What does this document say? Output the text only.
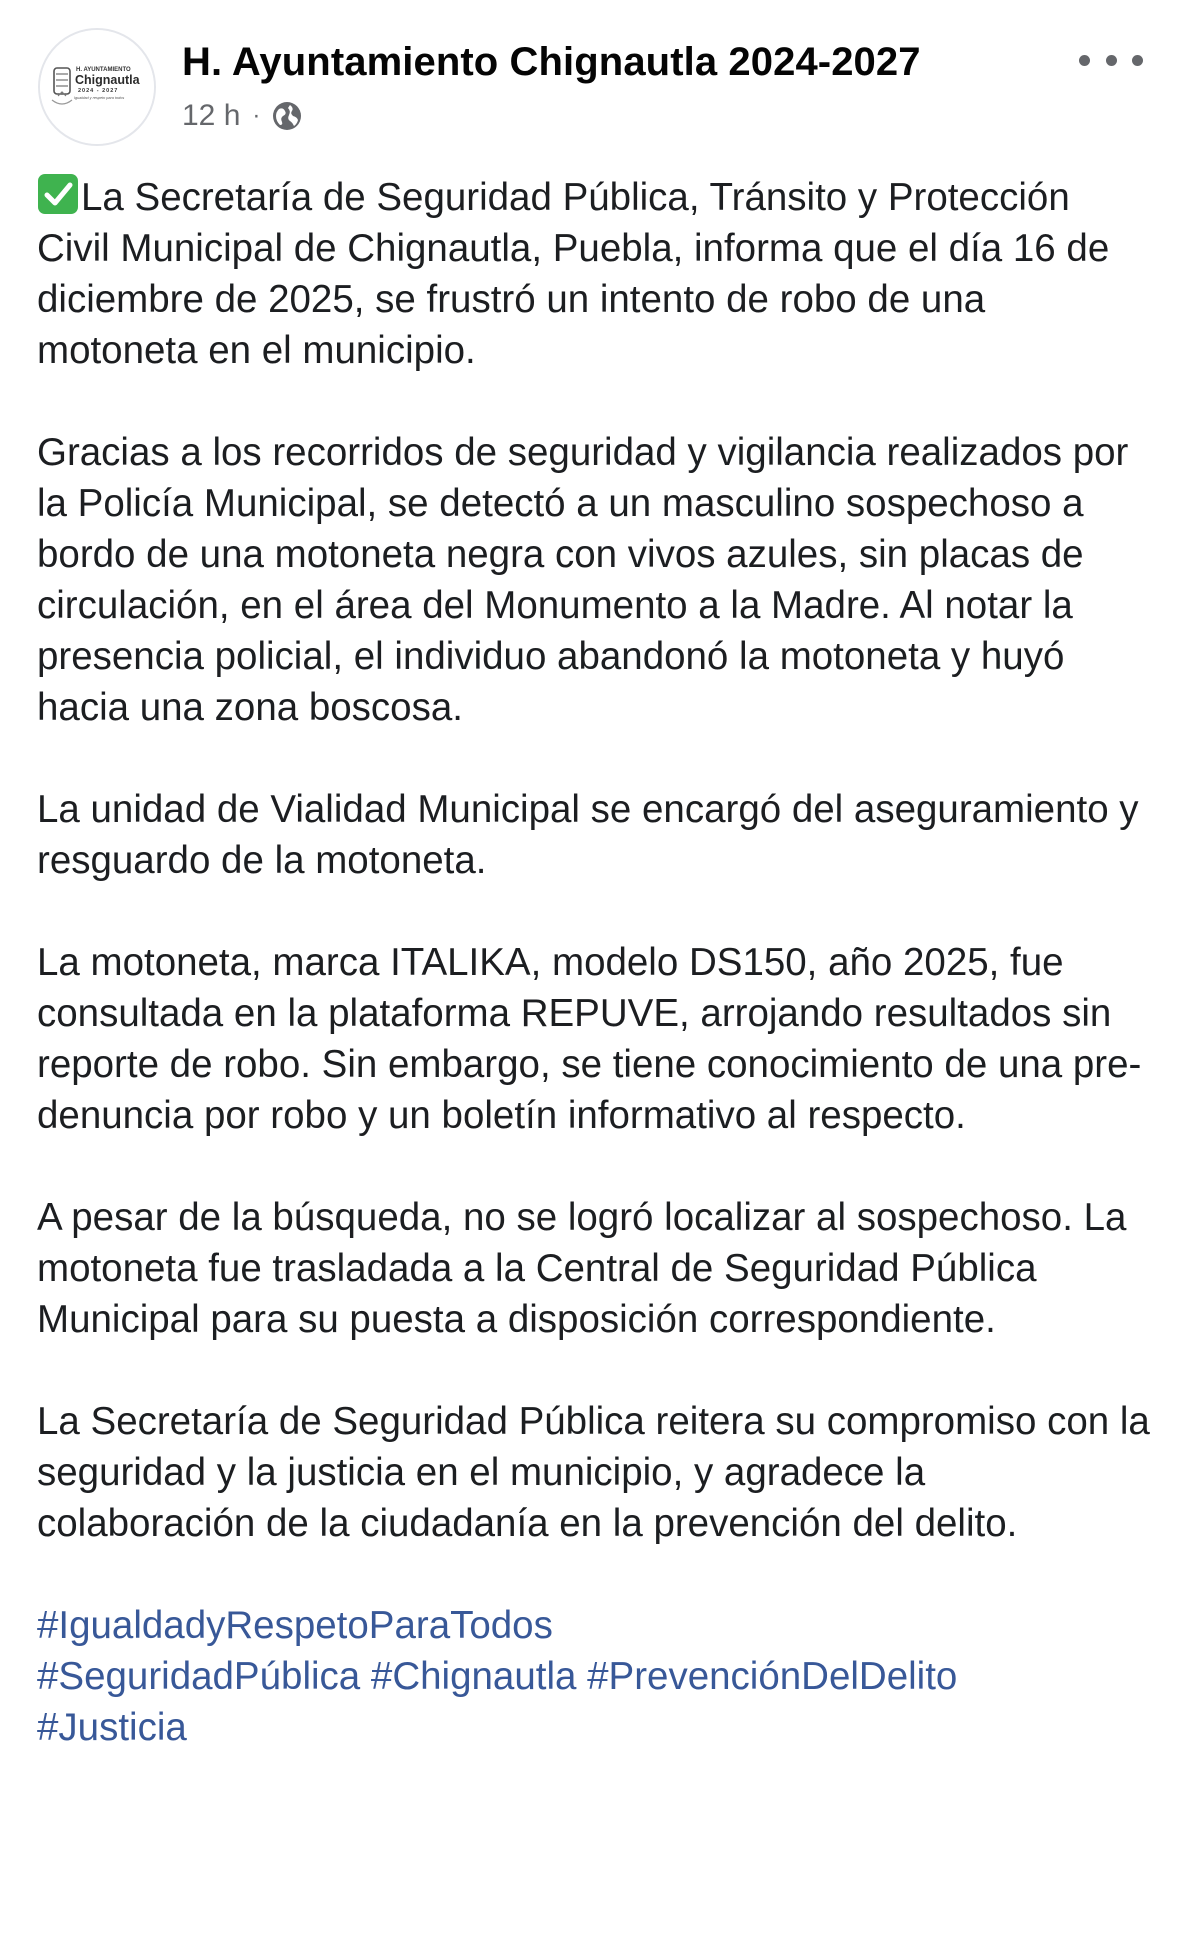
H. AYUNTAMIENTO
Chignautla
2024 - 2027
Igualdad y respeto para todos
H. Ayuntamiento Chignautla 2024-2027
12 h ·

La Secretaría de Seguridad Pública, Tránsito y Protección Civil Municipal de Chignautla, Puebla, informa que el día 16 de diciembre de 2025, se frustró un intento de robo de una motoneta en el municipio.

Gracias a los recorridos de seguridad y vigilancia realizados por la Policía Municipal, se detectó a un masculino sospechoso a bordo de una motoneta negra con vivos azules, sin placas de circulación, en el área del Monumento a la Madre. Al notar la presencia policial, el individuo abandonó la motoneta y huyó hacia una zona boscosa.

La unidad de Vialidad Municipal se encargó del aseguramiento y resguardo de la motoneta.

La motoneta, marca ITALIKA, modelo DS150, año 2025, fue consultada en la plataforma REPUVE, arrojando resultados sin reporte de robo. Sin embargo, se tiene conocimiento de una pre-denuncia por robo y un boletín informativo al respecto.

A pesar de la búsqueda, no se logró localizar al sospechoso. La motoneta fue trasladada a la Central de Seguridad Pública Municipal para su puesta a disposición correspondiente.

La Secretaría de Seguridad Pública reitera su compromiso con la seguridad y la justicia en el municipio, y agradece la colaboración de la ciudadanía en la prevención del delito.

#IgualdadyRespetoParaTodos
#SeguridadPública #Chignautla #PrevenciónDelDelito
#Justicia
